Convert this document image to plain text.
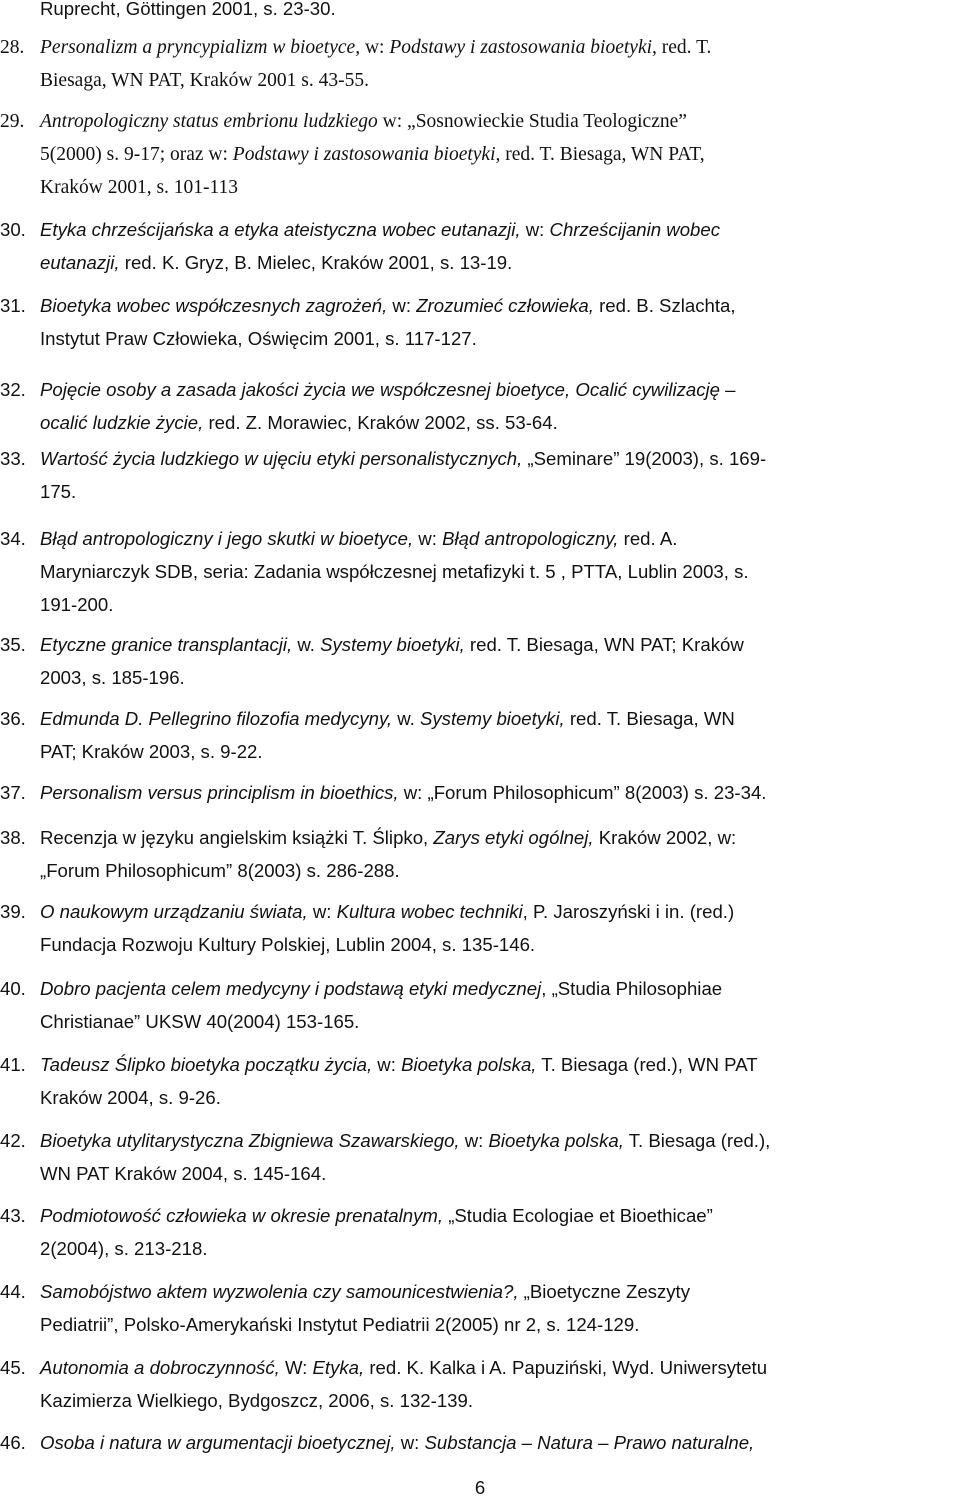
Ruprecht, Göttingen 2001, s. 23-30.
28. Personalizm a pryncypializm w bioetyce, w: Podstawy i zastosowania bioetyki, red. T.
Biesaga, WN PAT, Kraków 2001 s. 43-55.
29. Antropologiczny status embrionu ludzkiego w: „Sosnowieckie Studia Teologiczne”
5(2000) s. 9-17; oraz w: Podstawy i zastosowania bioetyki, red. T. Biesaga, WN PAT,
Kraków 2001, s. 101-113
30. Etyka chrześcijańska a etyka ateistyczna wobec eutanazji, w: Chrześcijanin wobec
eutanazji, red. K. Gryz, B. Mielec, Kraków 2001, s. 13-19.
31. Bioetyka wobec współczesnych zagrożeń, w: Zrozumieć człowieka, red. B. Szlachta,
Instytut Praw Człowieka, Oświęcim 2001, s. 117-127.
32. Pojęcie osoby a zasada jakości życia we współczesnej bioetyce, Ocalić cywilizację –
ocalić ludzkie życie, red. Z. Morawiec, Kraków 2002, ss. 53-64.
33. Wartość życia ludzkiego w ujęciu etyki personalistycznych, „Seminare” 19(2003), s. 169-
175.
34. Błąd antropologiczny i jego skutki w bioetyce, w: Błąd antropologiczny, red. A.
Maryniarczyk SDB, seria: Zadania współczesnej metafizyki t. 5 , PTTA, Lublin 2003, s.
191-200.
35. Etyczne granice transplantacji, w. Systemy bioetyki, red. T. Biesaga, WN PAT; Kraków
2003, s. 185-196.
36. Edmunda D. Pellegrino filozofia medycyny, w. Systemy bioetyki, red. T. Biesaga, WN
PAT; Kraków 2003, s. 9-22.
37. Personalism versus principlism in bioethics, w: „Forum Philosophicum” 8(2003) s. 23-34.
38. Recenzja w języku angielskim książki T. Ślipko, Zarys etyki ogólnej, Kraków 2002, w:
„Forum Philosophicum” 8(2003) s. 286-288.
39. O naukowym urządzaniu świata, w: Kultura wobec techniki, P. Jaroszyński i in. (red.)
Fundacja Rozwoju Kultury Polskiej, Lublin 2004, s. 135-146.
40. Dobro pacjenta celem medycyny i podstawą etyki medycznej, „Studia Philosophiae
Christianae” UKSW 40(2004) 153-165.
41. Tadeusz Ślipko bioetyka początku życia, w: Bioetyka polska, T. Biesaga (red.), WN PAT
Kraków 2004, s. 9-26.
42. Bioetyka utylitarystyczna Zbigniewa Szawarskiego, w: Bioetyka polska, T. Biesaga (red.),
WN PAT Kraków 2004, s. 145-164.
43. Podmiotowość człowieka w okresie prenatalnym, „Studia Ecologiae et Bioethicae”
2(2004), s. 213-218.
44. Samobójstwo aktem wyzwolenia czy samounicestwienia?, „Bioetyczne Zeszyty
Pediatrii”, Polsko-Amerykański Instytut Pediatrii 2(2005) nr 2, s. 124-129.
45. Autonomia a dobroczynność, W: Etyka, red. K. Kalka i A. Papuziński, Wyd. Uniwersytetu
Kazimierza Wielkiego, Bydgoszcz, 2006, s. 132-139.
46. Osoba i natura w argumentacji bioetycznej, w: Substancja – Natura – Prawo naturalne,
6
